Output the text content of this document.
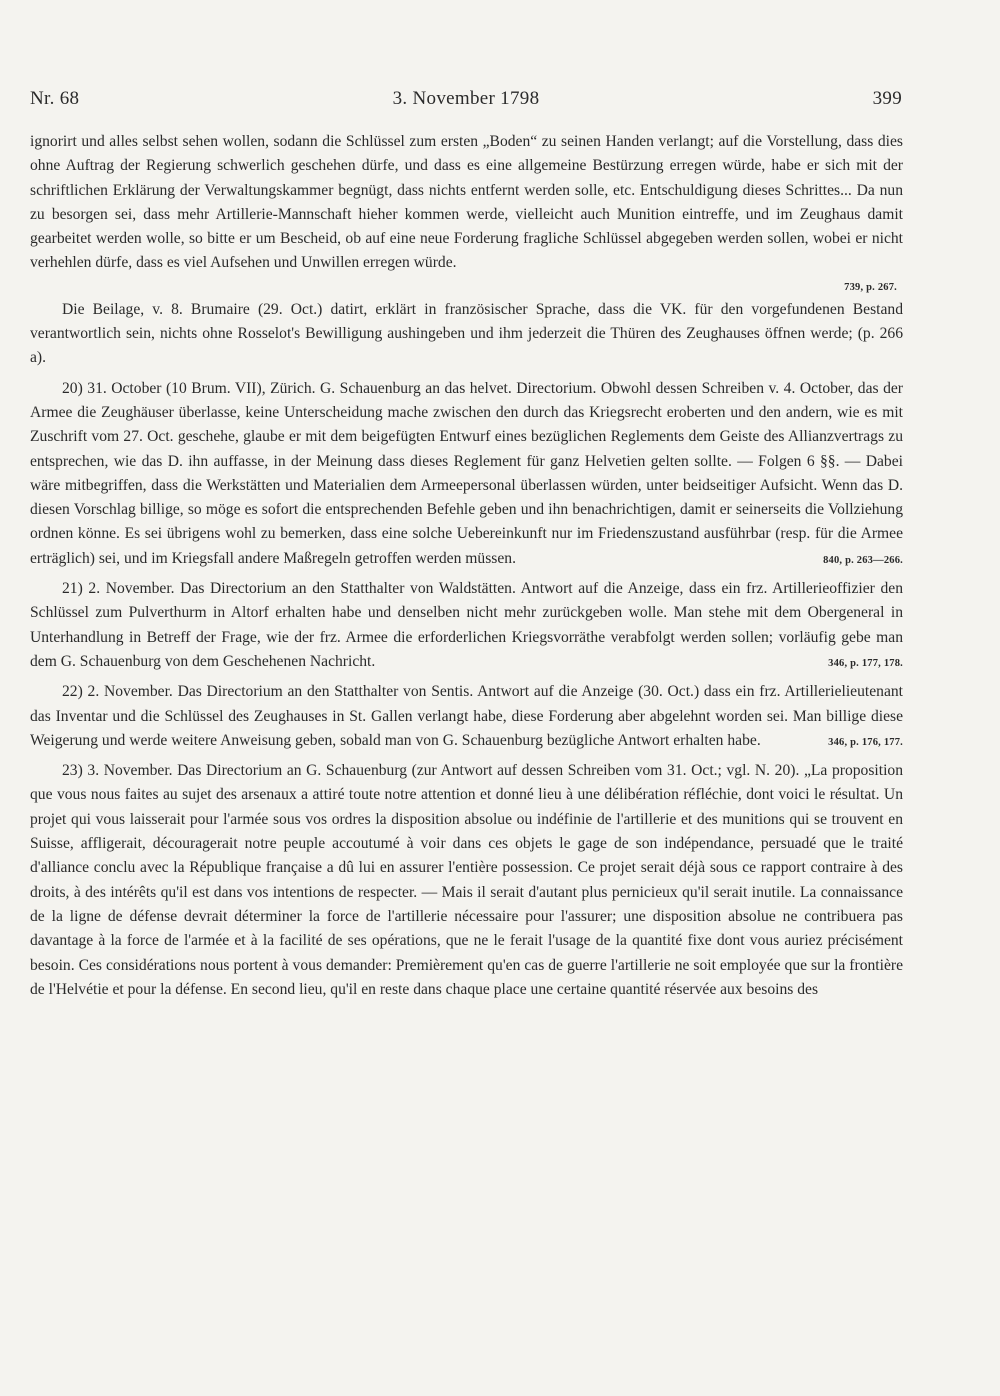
Nr. 68	3. November 1798	399

ignorirt und alles selbst sehen wollen, sodann die Schlüssel zum ersten „Boden“ zu seinen Handen verlangt; auf die Vorstellung, dass dies ohne Auftrag der Regierung schwerlich geschehen dürfe, und dass es eine allgemeine Bestürzung erregen würde, habe er sich mit der schriftlichen Erklärung der Verwaltungskammer begnügt, dass nichts entfernt werden solle, etc. Entschuldigung dieses Schrittes... Da nun zu besorgen sei, dass mehr Artillerie-Mannschaft hieher kommen werde, vielleicht auch Munition eintreffe, und im Zeughaus damit gearbeitet werden wolle, so bitte er um Bescheid, ob auf eine neue Forderung fragliche Schlüssel abgegeben werden sollen, wobei er nicht verhehlen dürfe, dass es viel Aufsehen und Unwillen erregen würde.

739, p. 267.

Die Beilage, v. 8. Brumaire (29. Oct.) datirt, erklärt in französischer Sprache, dass die VK. für den vorgefundenen Bestand verantwortlich sein, nichts ohne Rosselot's Bewilligung aushingeben und ihm jederzeit die Thüren des Zeughauses öffnen werde; (p. 266 a).

20) 31. October (10 Brum. VII), Zürich. G. Schauenburg an das helvet. Directorium. Obwohl dessen Schreiben v. 4. October, das der Armee die Zeughäuser überlasse, keine Unterscheidung mache zwischen den durch das Kriegsrecht eroberten und den andern, wie es mit Zuschrift vom 27. Oct. geschehe, glaube er mit dem beigefügten Entwurf eines bezüglichen Reglements dem Geiste des Allianzvertrags zu entsprechen, wie das D. ihn auffasse, in der Meinung dass dieses Reglement für ganz Helvetien gelten sollte. — Folgen 6 §§. — Dabei wäre mitbegriffen, dass die Werkstätten und Materialien dem Armeepersonal überlassen würden, unter beidseitiger Aufsicht. Wenn das D. diesen Vorschlag billige, so möge es sofort die entsprechenden Befehle geben und ihn benachrichtigen, damit er seinerseits die Vollziehung ordnen könne. Es sei übrigens wohl zu bemerken, dass eine solche Uebereinkunft nur im Friedenszustand ausführbar (resp. für die Armee erträglich) sei, und im Kriegsfall andere Maßregeln getroffen werden müssen.	840, p. 263—266.

21) 2. November. Das Directorium an den Statthalter von Waldstätten. Antwort auf die Anzeige, dass ein frz. Artillerieoffizier den Schlüssel zum Pulverthurm in Altorf erhalten habe und denselben nicht mehr zurückgeben wolle. Man stehe mit dem Obergeneral in Unterhandlung in Betreff der Frage, wie der frz. Armee die erforderlichen Kriegsvorräthe verabfolgt werden sollen; vorläufig gebe man dem G. Schauenburg von dem Geschehenen Nachricht.	346, p. 177, 178.

22) 2. November. Das Directorium an den Statthalter von Sentis. Antwort auf die Anzeige (30. Oct.) dass ein frz. Artillerielieutenant das Inventar und die Schlüssel des Zeughauses in St. Gallen verlangt habe, diese Forderung aber abgelehnt worden sei. Man billige diese Weigerung und werde weitere Anweisung geben, sobald man von G. Schauenburg bezügliche Antwort erhalten habe.	346, p. 176, 177.

23) 3. November. Das Directorium an G. Schauenburg (zur Antwort auf dessen Schreiben vom 31. Oct.; vgl. N. 20). „La proposition que vous nous faites au sujet des arsenaux a attiré toute notre attention et donné lieu à une délibération réfléchie, dont voici le résultat. Un projet qui vous laisserait pour l'armée sous vos ordres la disposition absolue ou indéfinie de l'artillerie et des munitions qui se trouvent en Suisse, affligerait, découragerait notre peuple accoutumé à voir dans ces objets le gage de son indépendance, persuadé que le traité d'alliance conclu avec la République française a dû lui en assurer l'entière possession. Ce projet serait déjà sous ce rapport contraire à des droits, à des intérêts qu'il est dans vos intentions de respecter. — Mais il serait d'autant plus pernicieux qu'il serait inutile. La connaissance de la ligne de défense devrait déterminer la force de l'artillerie nécessaire pour l'assurer; une disposition absolue ne contribuera pas davantage à la force de l'armée et à la facilité de ses opérations, que ne le ferait l'usage de la quantité fixe dont vous auriez précisément besoin. Ces considérations nous portent à vous demander: Premièrement qu'en cas de guerre l'artillerie ne soit employée que sur la frontière de l'Helvétie et pour la défense. En second lieu, qu'il en reste dans chaque place une certaine quantité réservée aux besoins des
